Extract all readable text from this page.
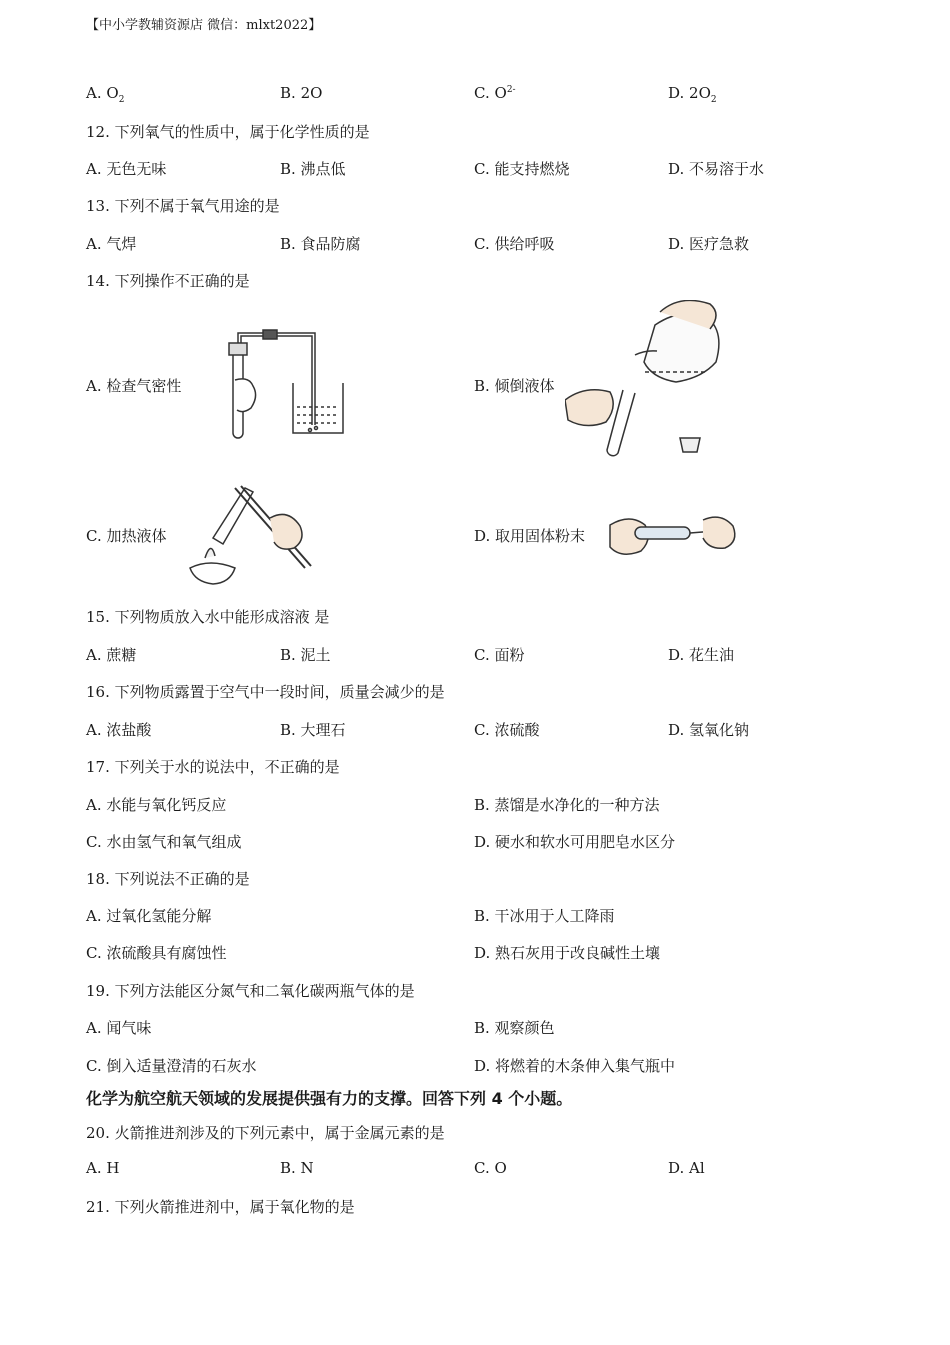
【中小学教辅资源店 微信：mlxt2022】
A. $O_2$	B. 2O	C. $O^{2-}$	D. $2O_2$
12. 下列氧气的性质中，属于化学性质的是
A. 无色无味	B. 沸点低	C. 能支持燃烧	D. 不易溶于水
13. 下列不属于氧气用途的是
A. 气焊	B. 食品防腐	C. 供给呼吸	D. 医疗急救
14. 下列操作不正确的是
A. 检查气密性	B. 倾倒液体
C. 加热液体	D. 取用固体粉末
15. 下列物质放入水中能形成溶液 是
A. 蔗糖	B. 泥土	C. 面粉	D. 花生油
16. 下列物质露置于空气中一段时间，质量会减少的是
A. 浓盐酸	B. 大理石	C. 浓硫酸	D. 氢氧化钠
17. 下列关于水的说法中，不正确的是
A. 水能与氧化钙反应	B. 蒸馏是水净化的一种方法
C. 水由氢气和氧气组成	D. 硬水和软水可用肥皂水区分
18. 下列说法不正确的是
A. 过氧化氢能分解	B. 干冰用于人工降雨
C. 浓硫酸具有腐蚀性	D. 熟石灰用于改良碱性土壤
19. 下列方法能区分氮气和二氧化碳两瓶气体的是
A. 闻气味	B. 观察颜色
C. 倒入适量澄清的石灰水	D. 将燃着的木条伸入集气瓶中
化学为航空航天领域的发展提供强有力的支撑。回答下列 4 个小题。
20. 火箭推进剂涉及的下列元素中，属于金属元素的是
A. H	B. N	C. O	D. Al
21. 下列火箭推进剂中，属于氧化物的是
